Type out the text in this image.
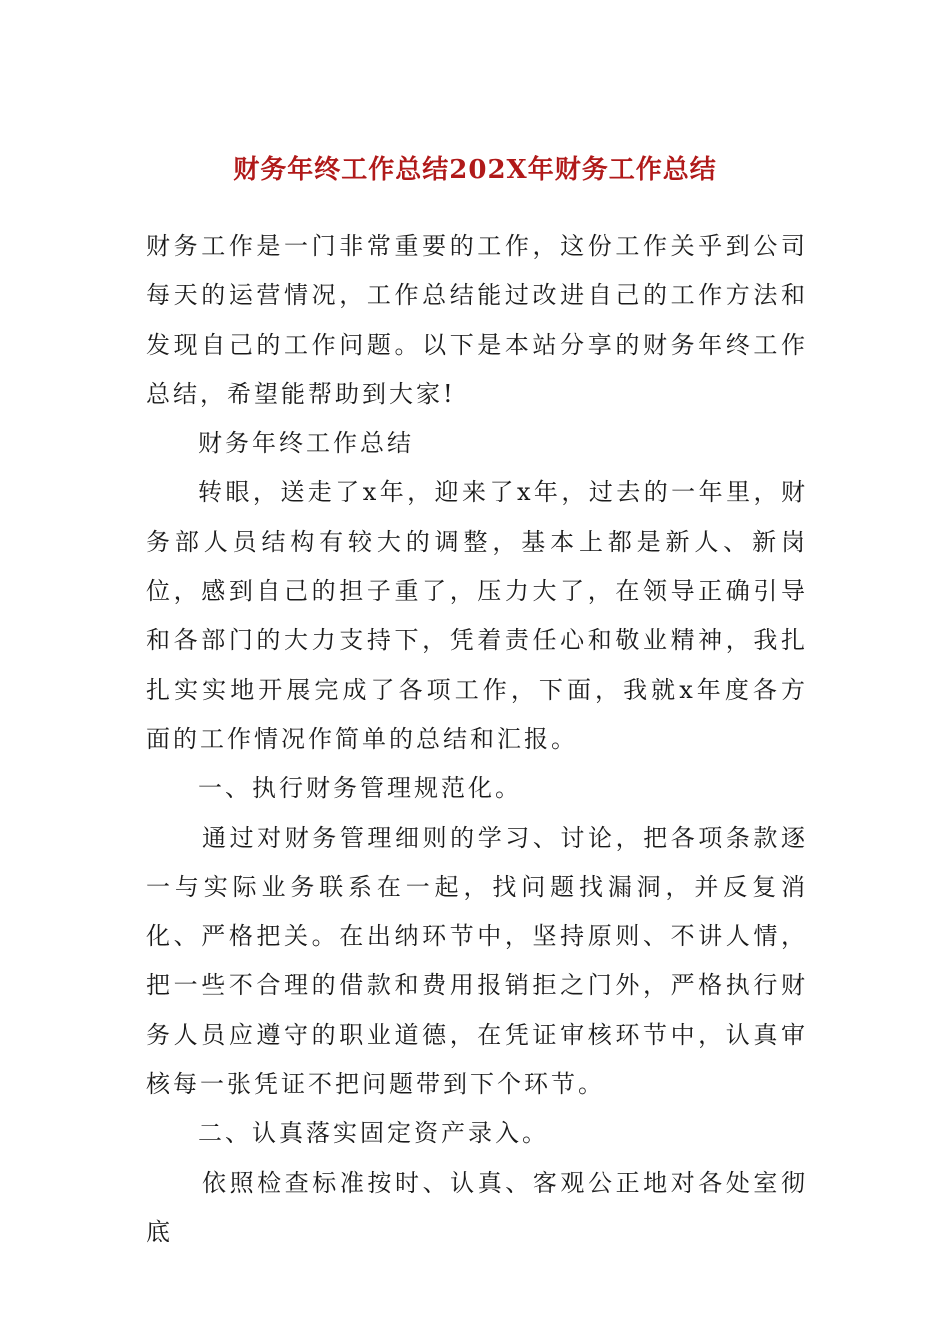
财务年终工作总结202X年财务工作总结

财务工作是一门非常重要的工作，这份工作关乎到公司每天的运营情况，工作总结能过改进自己的工作方法和发现自己的工作问题。以下是本站分享的财务年终工作总结，希望能帮助到大家!

财务年终工作总结

转眼，送走了x年，迎来了x年，过去的一年里，财务部人员结构有较大的调整，基本上都是新人、新岗位，感到自己的担子重了，压力大了，在领导正确引导和各部门的大力支持下，凭着责任心和敬业精神，我扎扎实实地开展完成了各项工作，下面，我就x年度各方面的工作情况作简单的总结和汇报。

一、执行财务管理规范化。

通过对财务管理细则的学习、讨论，把各项条款逐一与实际业务联系在一起，找问题找漏洞，并反复消化、严格把关。在出纳环节中，坚持原则、不讲人情，把一些不合理的借款和费用报销拒之门外，严格执行财务人员应遵守的职业道德，在凭证审核环节中，认真审核每一张凭证不把问题带到下个环节。

二、认真落实固定资产录入。

依照检查标准按时、认真、客观公正地对各处室彻底
